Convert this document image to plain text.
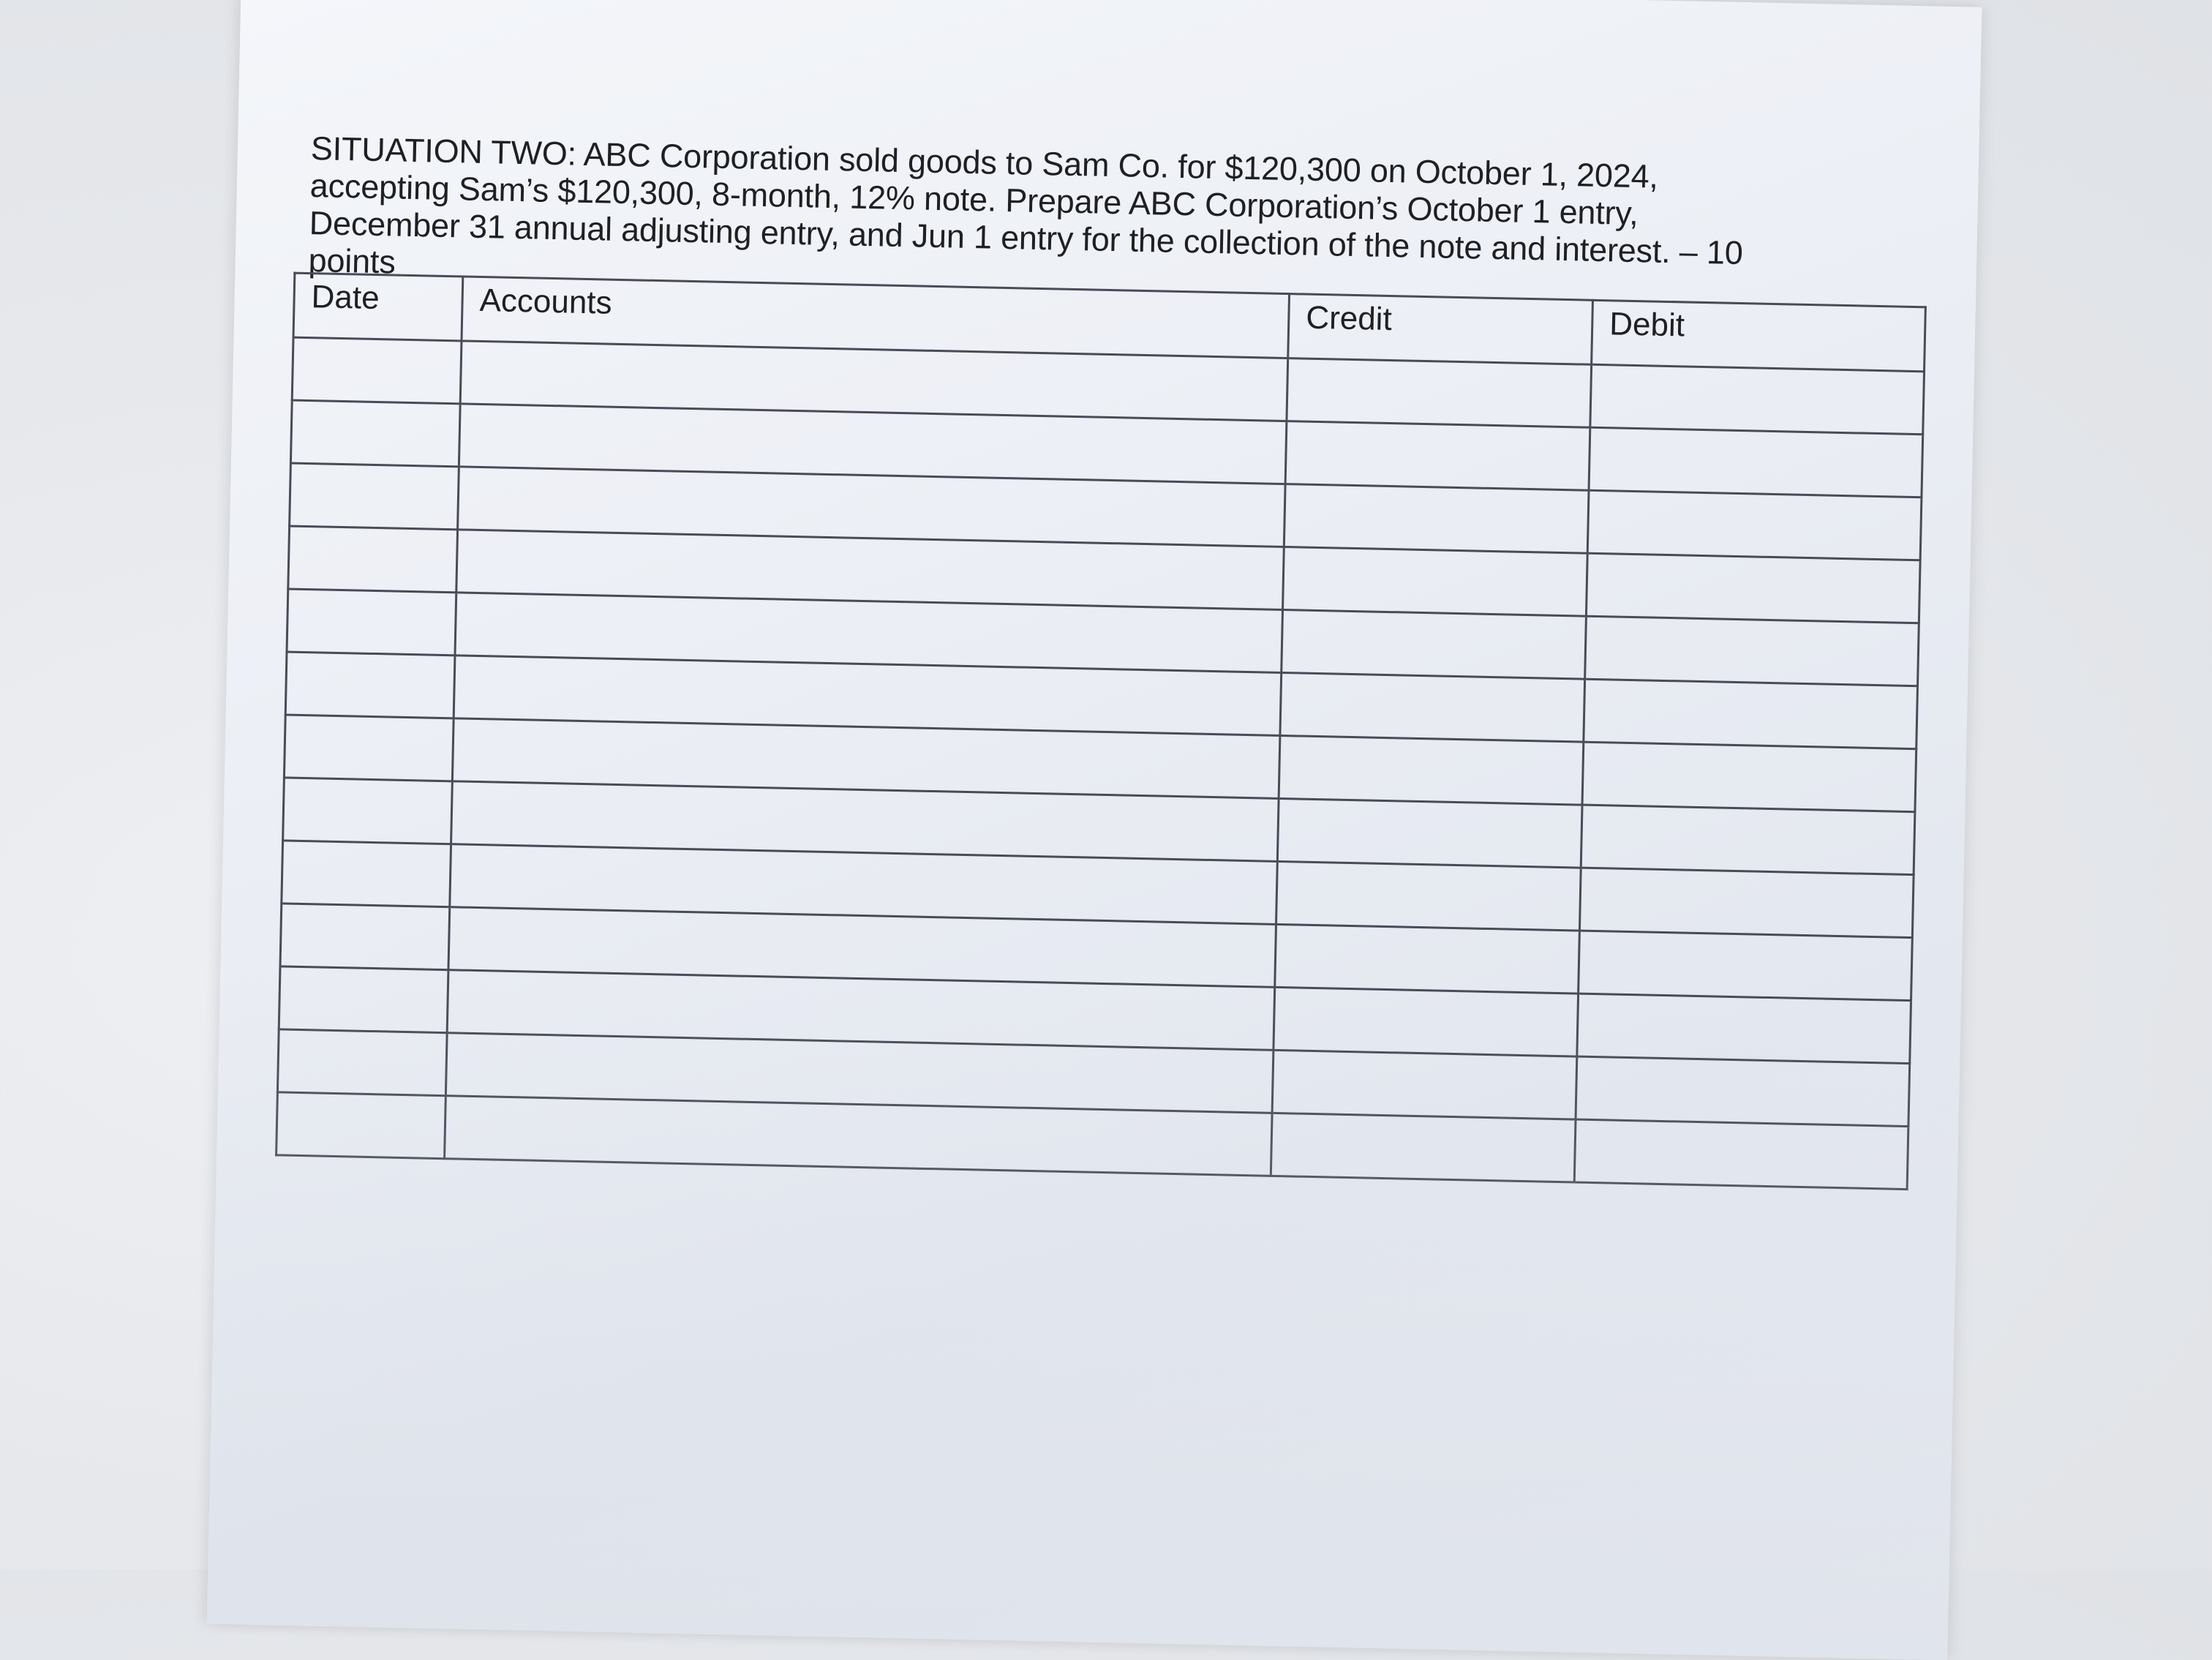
SITUATION TWO: ABC Corporation sold goods to Sam Co. for $120,300 on October 1, 2024,
accepting Sam’s $120,300, 8-month, 12% note. Prepare ABC Corporation’s October 1 entry,
December 31 annual adjusting entry, and Jun 1 entry for the collection of the note and interest. – 10
points

Date	Accounts	Credit	Debit
